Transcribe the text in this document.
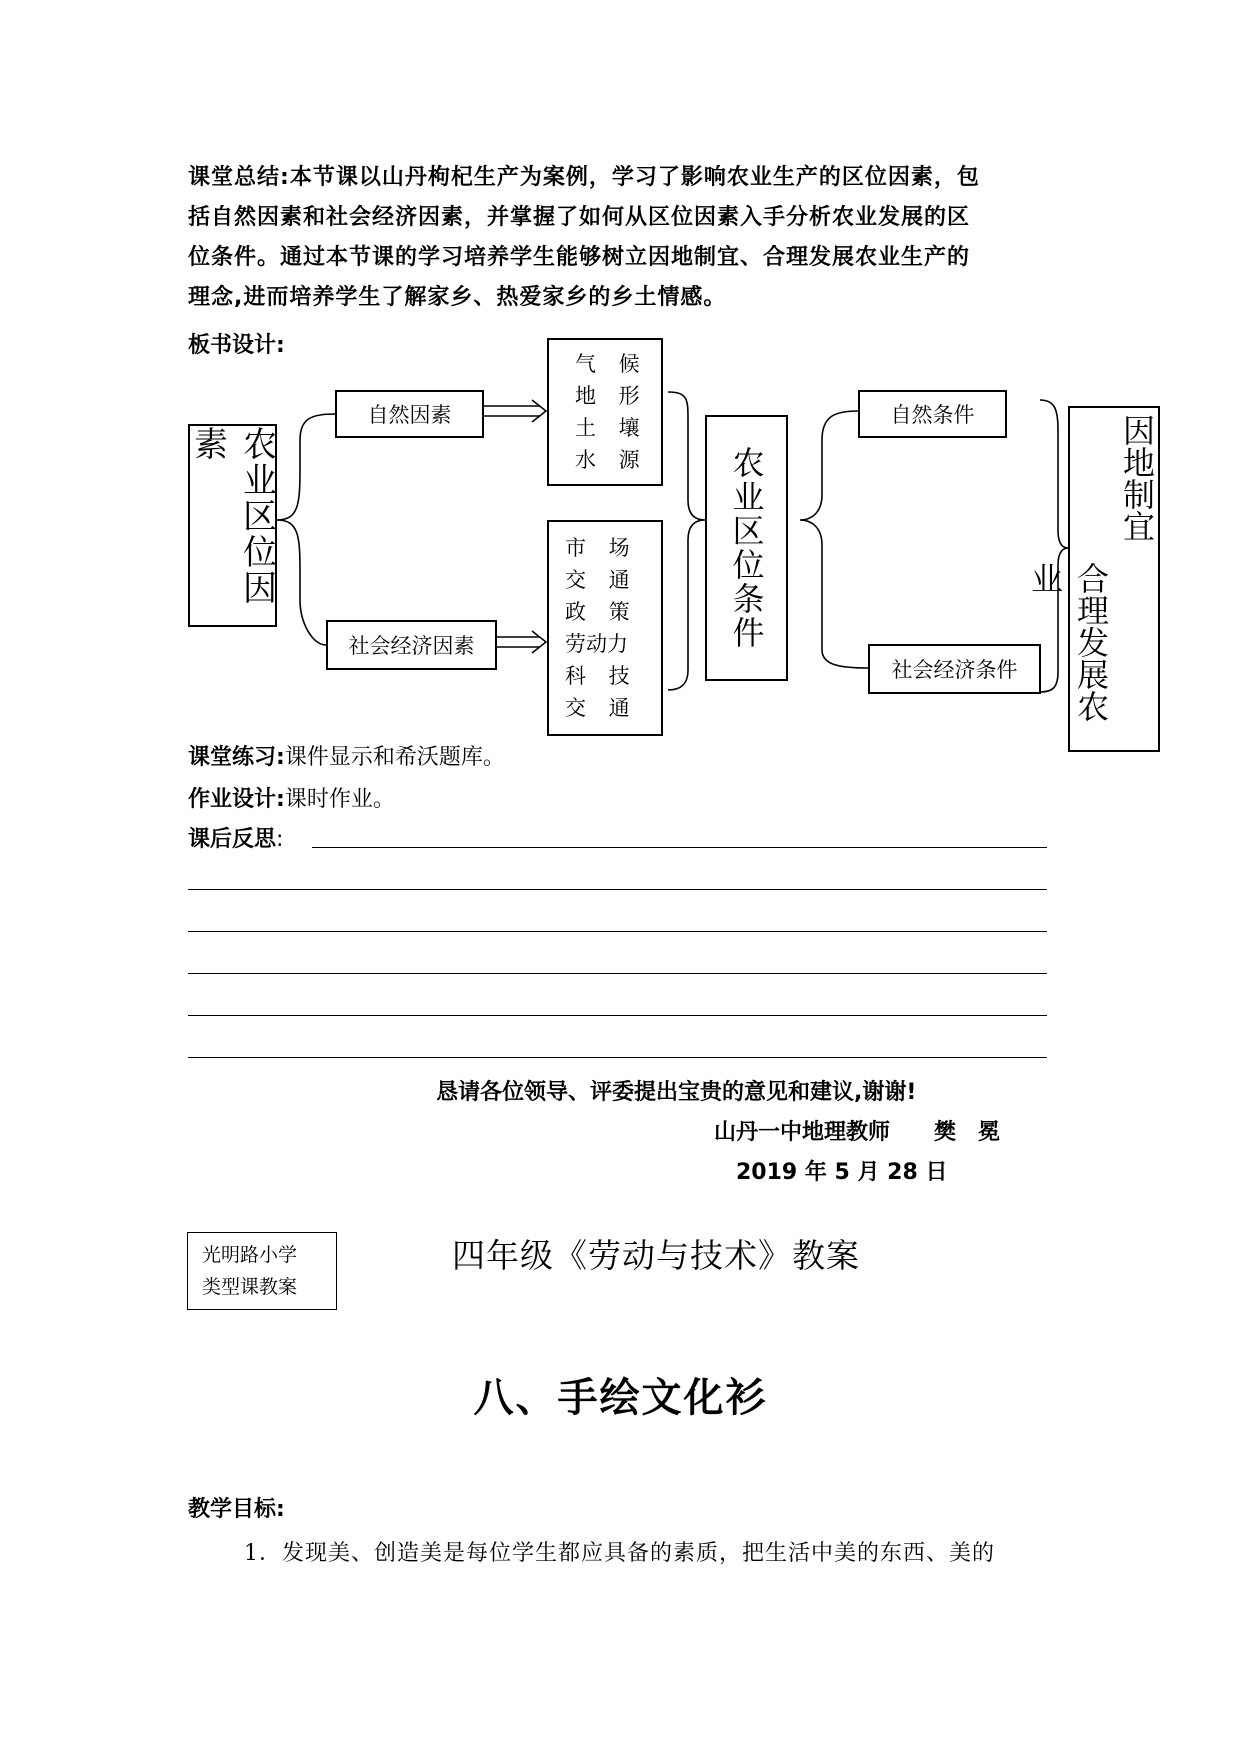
课堂总结:本节课以山丹枸杞生产为案例，学习了影响农业生产的区位因素，包
括自然因素和社会经济因素，并掌握了如何从区位因素入手分析农业发展的区
位条件。通过本节课的学习培养学生能够树立因地制宜、合理发展农业生产的
理念,进而培养学生了解家乡、热爱家乡的乡土情感。
板书设计:
农业区位因素
自然因素
气 候
地 形
土 壤
水 源
社会经济因素
市 场
交 通
政 策
劳动力
科 技
交 通
农业区位条件
自然条件
社会经济条件
因地制宜
合理发展农业
课堂练习:课件显示和希沃题库。
作业设计:课时作业。
课后反思:
恳请各位领导、评委提出宝贵的意见和建议,谢谢!
山丹一中地理教师　　樊　冕
2019 年 5 月 28 日
光明路小学
类型课教案
四年级《劳动与技术》教案
八、手绘文化衫
教学目标:
1．发现美、创造美是每位学生都应具备的素质，把生活中美的东西、美的
